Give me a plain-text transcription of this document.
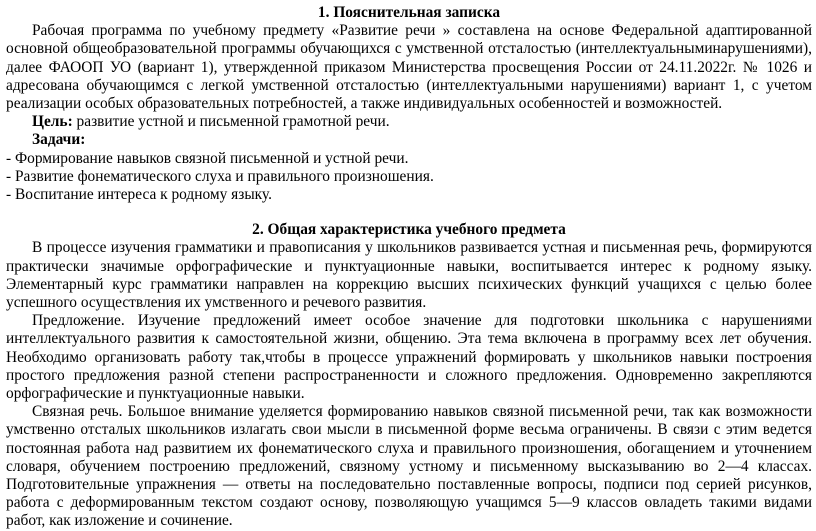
1. Пояснительная записка

Рабочая программа по учебному предмету «Развитие речи » составлена на основе Федеральной адаптированной основной общеобразовательной программы обучающихся с умственной отсталостью (интеллектуальныминарушениями), далее ФАООП УО (вариант 1), утвержденной приказом Министерства просвещения России от 24.11.2022г. № 1026 и адресована обучающимся с легкой умственной отсталостью (интеллектуальными нарушениями) вариант 1, с учетом реализации особых образовательных потребностей, а также индивидуальных особенностей и возможностей.

Цель: развитие устной и письменной грамотной речи.

Задачи:

- Формирование навыков связной письменной и устной речи.

- Развитие фонематического слуха и правильного произношения.

- Воспитание интереса к родному языку.

2. Общая характеристика учебного предмета

В процессе изучения грамматики и правописания у школьников развивается устная и письменная речь, формируются практически значимые орфографические и пунктуационные навыки, воспитывается интерес к родному языку. Элементарный курс грамматики направлен на коррекцию высших психических функций учащихся с целью более успешного осуществления их умственного и речевого развития.

Предложение. Изучение предложений имеет особое значение для подготовки школьника с нарушениями интеллектуального развития к самостоятельной жизни, общению. Эта тема включена в программу всех лет обучения. Необходимо организовать работу так,чтобы в процессе упражнений формировать у школьников навыки построения простого предложения разной степени распространенности и сложного предложения. Одновременно закрепляются орфографические и пунктуационные навыки.

Связная речь. Большое внимание уделяется формированию навыков связной письменной речи, так как возможности умственно отсталых школьников излагать свои мысли в письменной форме весьма ограничены. В связи с этим ведется постоянная работа над развитием их фонематического слуха и правильного произношения, обогащением и уточнением словаря, обучением построению предложений, связному устному и письменному высказыванию во 2—4 классах. Подготовительные упражнения — ответы на последовательно поставленные вопросы, подписи под серией рисунков, работа с деформированным текстом создают основу, позволяющую учащимся 5—9 классов овладеть такими видами работ, как изложение и сочинение.
